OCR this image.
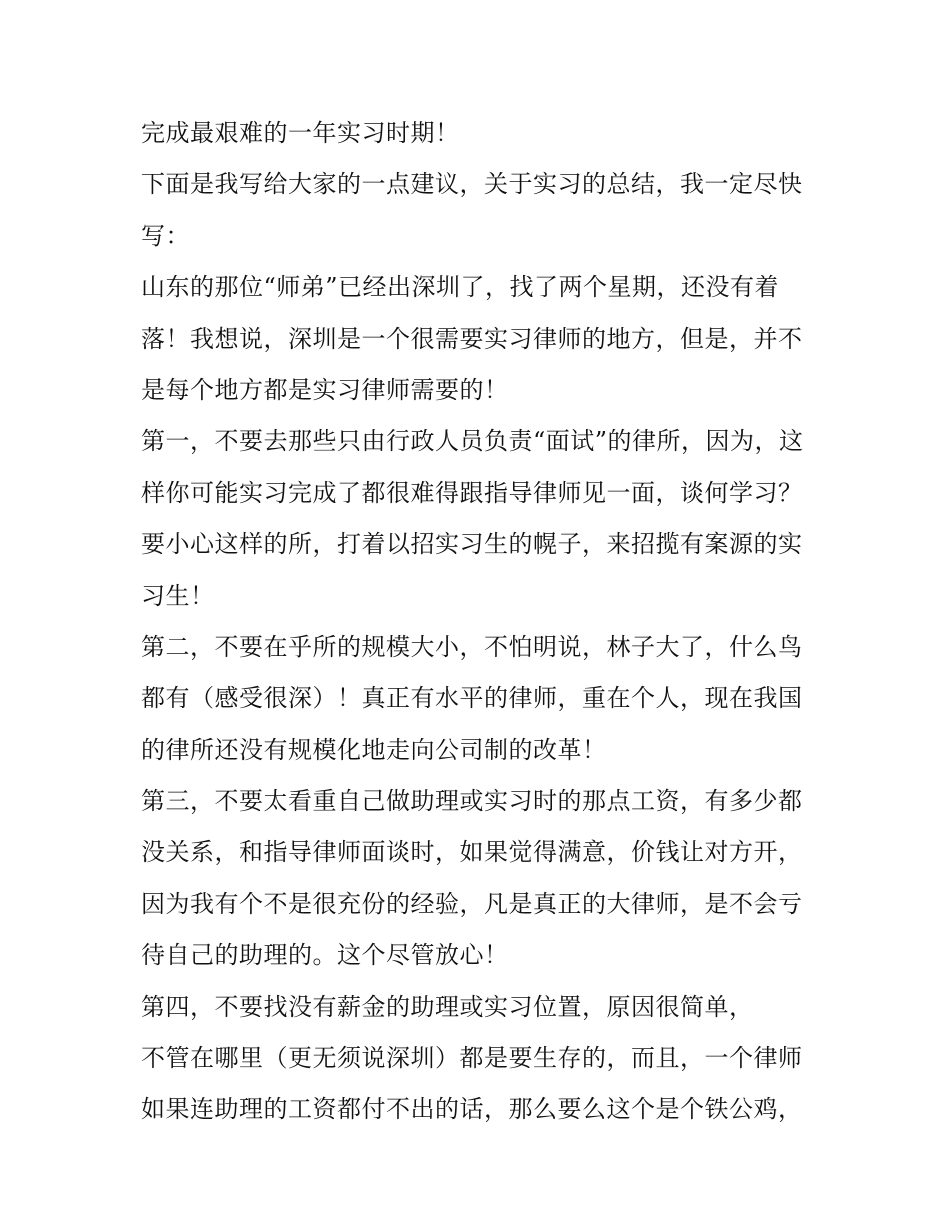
完成最艰难的一年实习时期！
下面是我写给大家的一点建议，关于实习的总结，我一定尽快
写：
山东的那位“师弟”已经出深圳了，找了两个星期，还没有着
落！我想说，深圳是一个很需要实习律师的地方，但是，并不
是每个地方都是实习律师需要的！
第一，不要去那些只由行政人员负责“面试”的律所，因为，这
样你可能实习完成了都很难得跟指导律师见一面，谈何学习？
要小心这样的所，打着以招实习生的幌子，来招揽有案源的实
习生！
第二，不要在乎所的规模大小，不怕明说，林子大了，什么鸟
都有（感受很深）！真正有水平的律师，重在个人，现在我国
的律所还没有规模化地走向公司制的改革！
第三，不要太看重自己做助理或实习时的那点工资，有多少都
没关系，和指导律师面谈时，如果觉得满意，价钱让对方开，
因为我有个不是很充份的经验，凡是真正的大律师，是不会亏
待自己的助理的。这个尽管放心！
第四，不要找没有薪金的助理或实习位置，原因很简单，
不管在哪里（更无须说深圳）都是要生存的，而且，一个律师
如果连助理的工资都付不出的话，那么要么这个是个铁公鸡，
